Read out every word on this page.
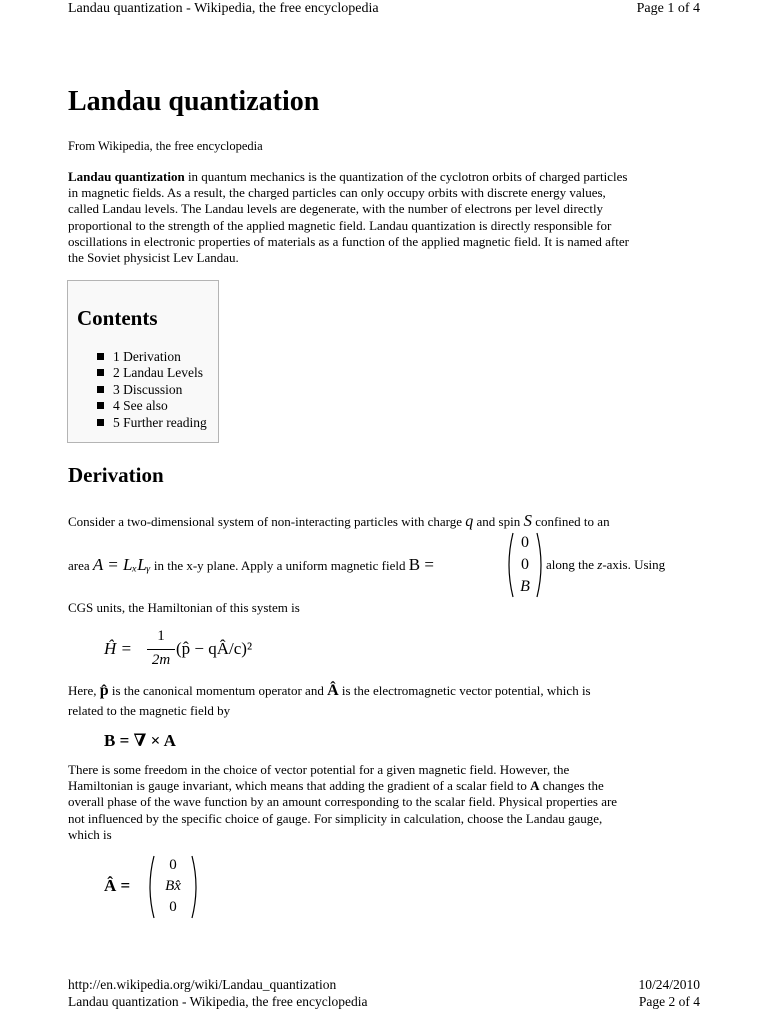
Landau quantization - Wikipedia, the free encyclopedia	Page 1 of 4
Landau quantization
From Wikipedia, the free encyclopedia
Landau quantization in quantum mechanics is the quantization of the cyclotron orbits of charged particles
in magnetic fields. As a result, the charged particles can only occupy orbits with discrete energy values,
called Landau levels. The Landau levels are degenerate, with the number of electrons per level directly
proportional to the strength of the applied magnetic field. Landau quantization is directly responsible for
oscillations in electronic properties of materials as a function of the applied magnetic field. It is named after
the Soviet physicist Lev Landau.
Contents
1 Derivation
2 Landau Levels
3 Discussion
4 See also
5 Further reading
Derivation
Consider a two-dimensional system of non-interacting particles with charge q and spin S confined to an
area A = LₓLᵧ in the x-y plane. Apply a uniform magnetic field B =
0
0
B
along the z-axis. Using
CGS units, the Hamiltonian of this system is
Ĥ =
1
2m
(p̂ − qÂ/c)²
Here, p̂ is the canonical momentum operator and Â is the electromagnetic vector potential, which is
related to the magnetic field by
B = ∇ × A
There is some freedom in the choice of vector potential for a given magnetic field. However, the
Hamiltonian is gauge invariant, which means that adding the gradient of a scalar field to A changes the
overall phase of the wave function by an amount corresponding to the scalar field. Physical properties are
not influenced by the specific choice of gauge. For simplicity in calculation, choose the Landau gauge,
which is
Â =
0
Bx̂
0
http://en.wikipedia.org/wiki/Landau_quantization	10/24/2010
Landau quantization - Wikipedia, the free encyclopedia	Page 2 of 4
